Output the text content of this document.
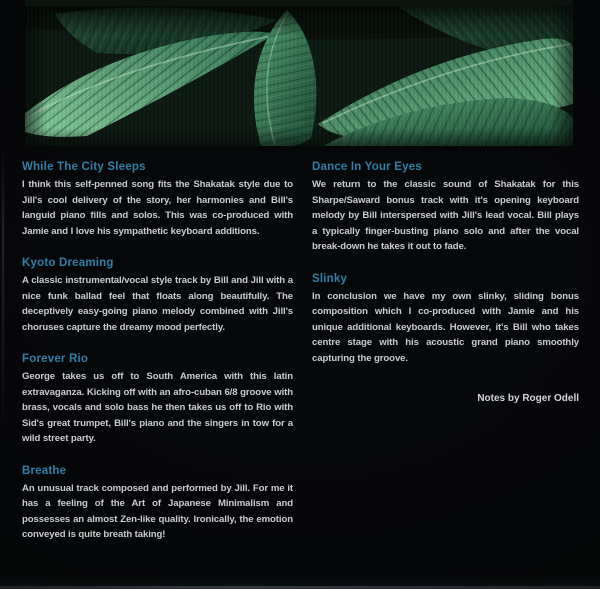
While The City Sleeps

I think this self-penned song fits the Shakatak style due to Jill's cool delivery of the story, her harmonies and Bill's languid piano fills and solos. This was co-produced with Jamie and I love his sympathetic keyboard additions.

Kyoto Dreaming

A classic instrumental/vocal style track by Bill and Jill with a nice funk ballad feel that floats along beautifully. The deceptively easy-going piano melody combined with Jill's choruses capture the dreamy mood perfectly.

Forever Rio

George takes us off to South America with this latin extravaganza. Kicking off with an afro-cuban 6/8 groove with brass, vocals and solo bass he then takes us off to Rio with Sid's great trumpet, Bill's piano and the singers in tow for a wild street party.

Breathe

An unusual track composed and performed by Jill. For me it has a feeling of the Art of Japanese Minimalism and possesses an almost Zen-like quality. Ironically, the emotion conveyed is quite breath taking!

Dance In Your Eyes

We return to the classic sound of Shakatak for this Sharpe/Saward bonus track with it's opening keyboard melody by Bill interspersed with Jill's lead vocal. Bill plays a typically finger-busting piano solo and after the vocal break-down he takes it out to fade.

Slinky

In conclusion we have my own slinky, sliding bonus composition which I co-produced with Jamie and his unique additional keyboards. However, it's Bill who takes centre stage with his acoustic grand piano smoothly capturing the groove.

Notes by Roger Odell
